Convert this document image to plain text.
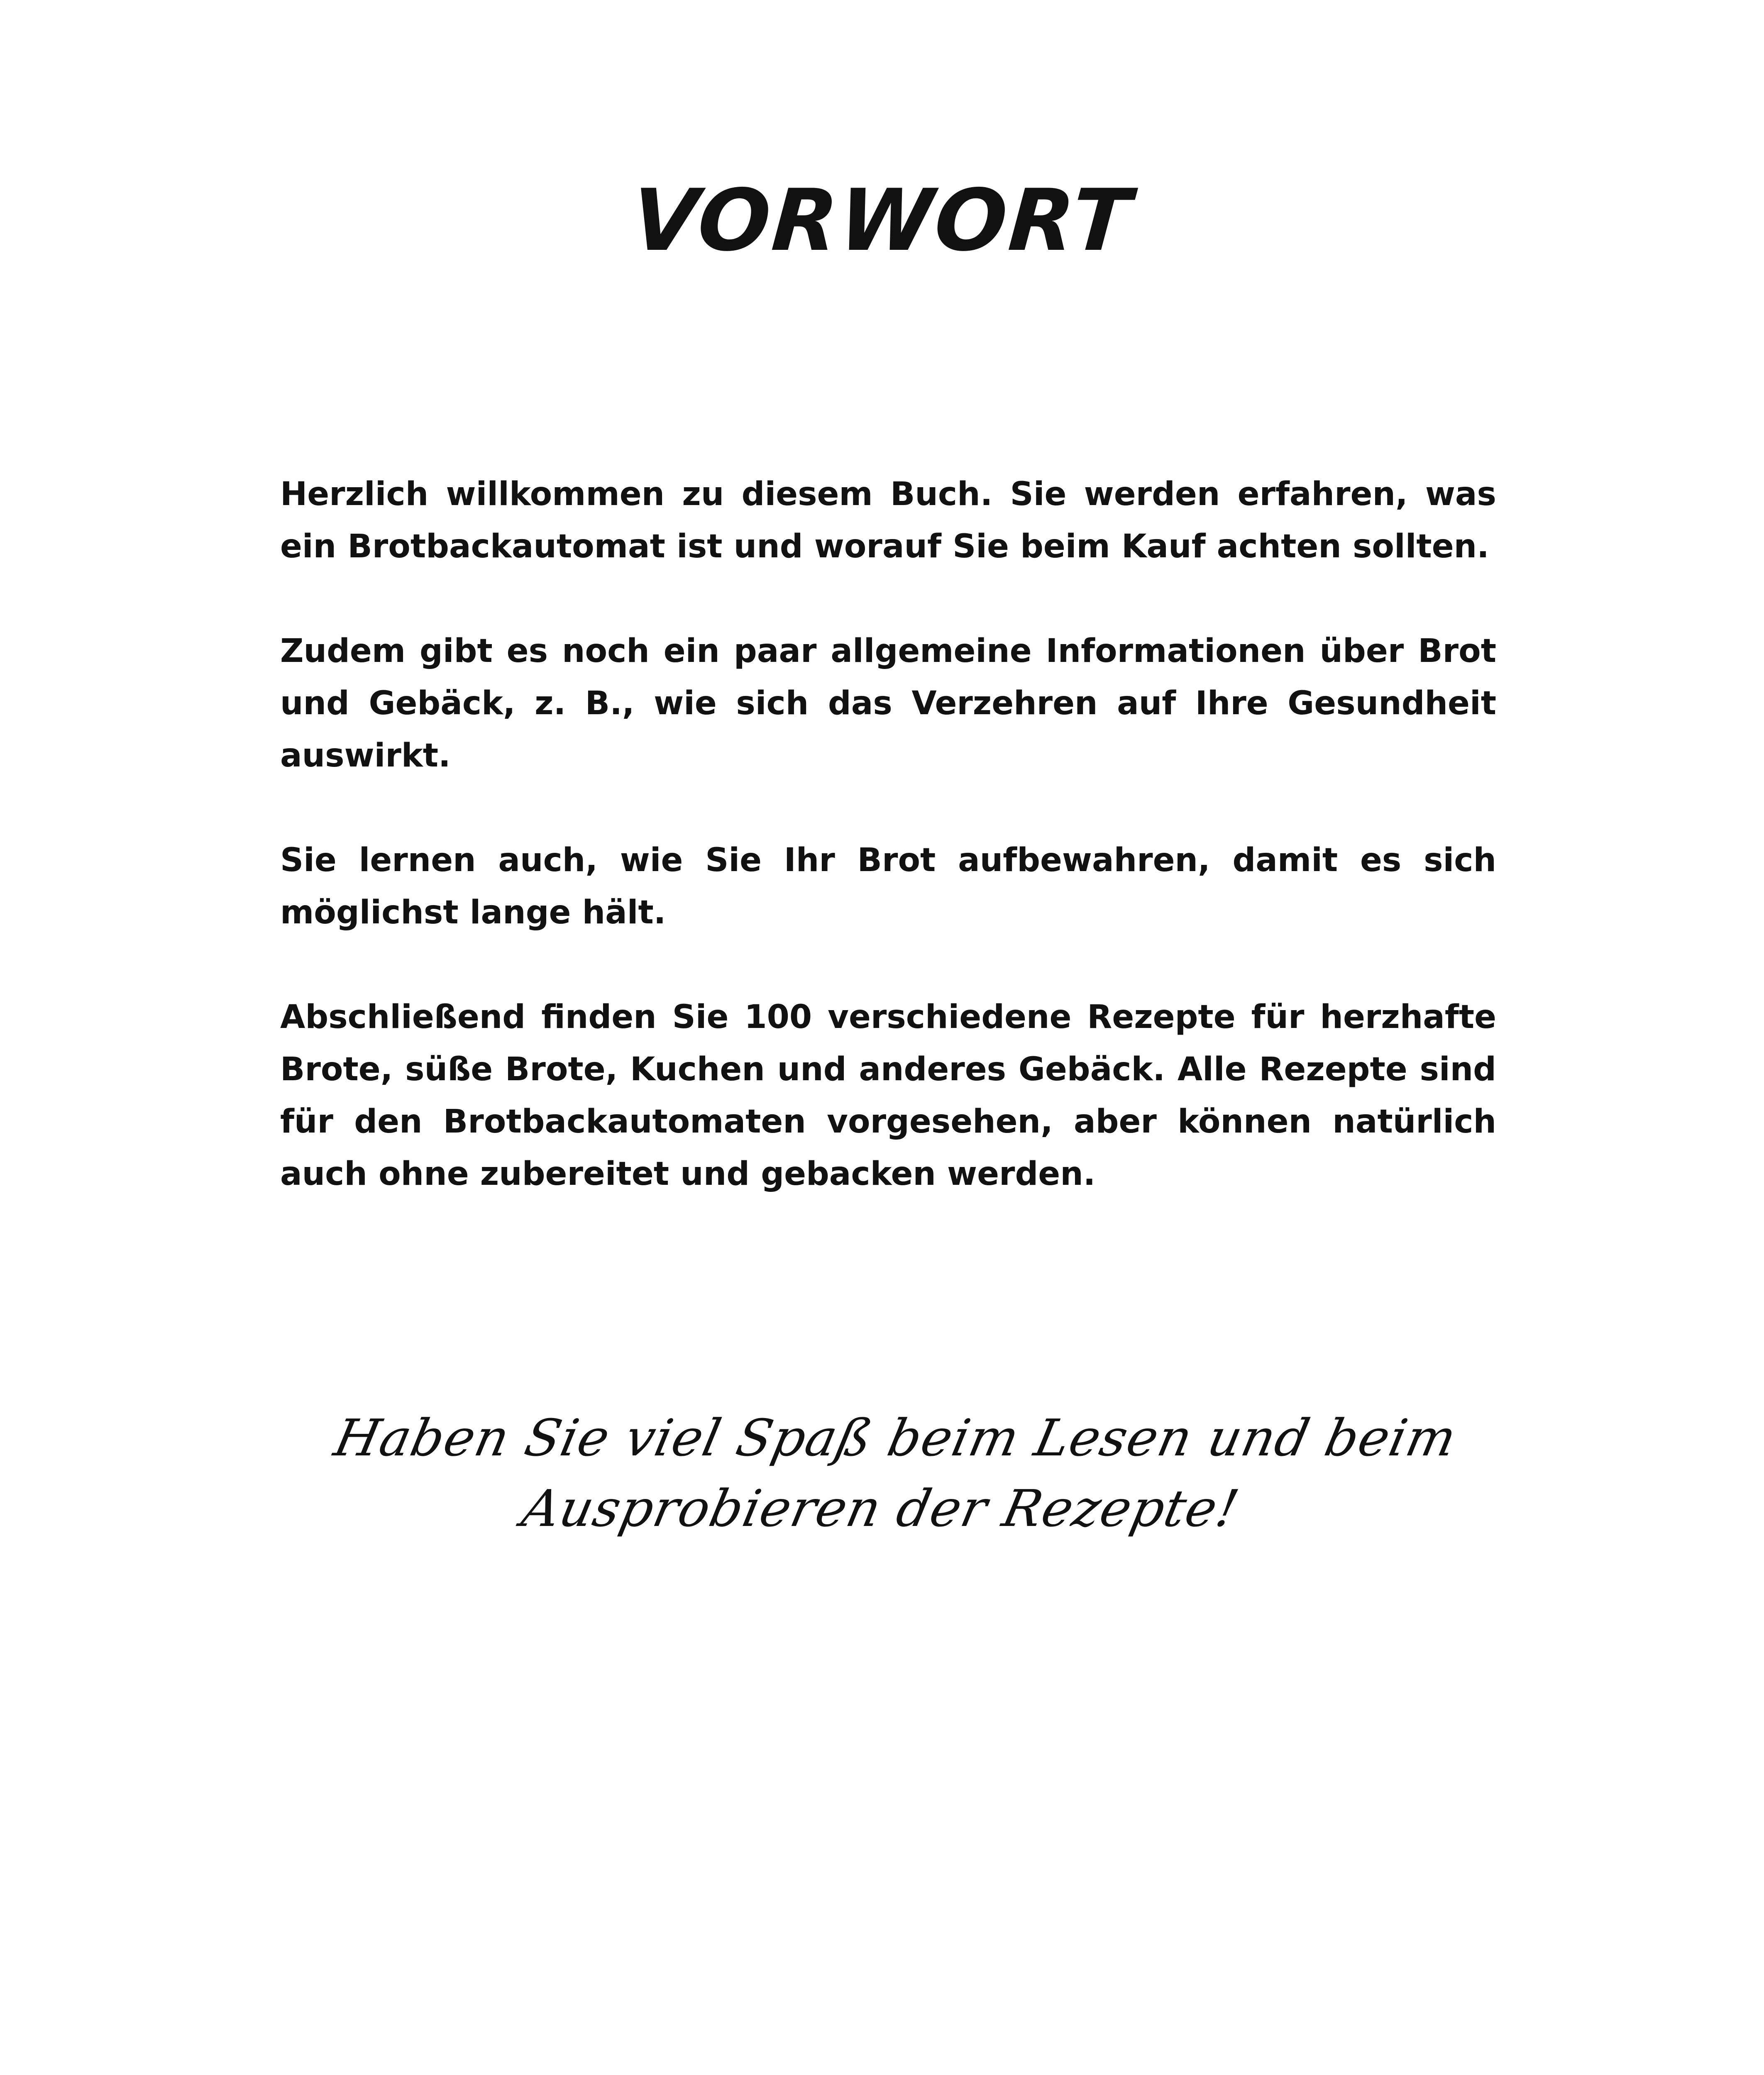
VORWORT

Herzlich willkommen zu diesem Buch. Sie werden erfahren, was ein Brotbackautomat ist und worauf Sie beim Kauf achten sollten.

Zudem gibt es noch ein paar allgemeine Informationen über Brot und Gebäck, z. B., wie sich das Verzehren auf Ihre Gesundheit auswirkt.

Sie lernen auch, wie Sie Ihr Brot aufbewahren, damit es sich möglichst lange hält.

Abschließend finden Sie 100 verschiedene Rezepte für herzhafte Brote, süße Brote, Kuchen und anderes Gebäck. Alle Rezepte sind für den Brotbackautomaten vorgesehen, aber können natürlich auch ohne zubereitet und gebacken werden.

Haben Sie viel Spaß beim Lesen und beim
Ausprobieren der Rezepte!
